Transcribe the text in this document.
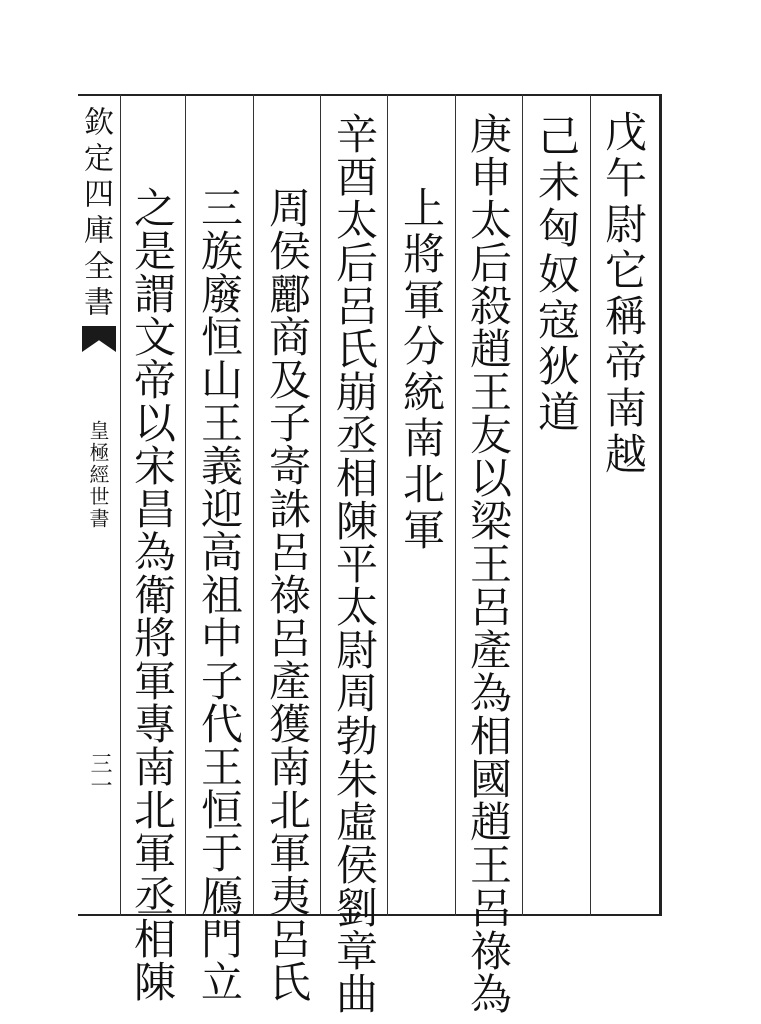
欽定四庫全書
皇極經世書
三一
戊午尉它稱帝南越
己未匈奴寇狄道
庚申太后殺趙王友以梁王呂產為相國趙王呂祿為
上將軍分統南北軍
辛酉太后呂氏崩丞相陳平太尉周勃朱虛侯劉章曲
周侯酈商及子寄誅呂祿呂產獲南北軍夷呂氏
三族廢恒山王義迎高祖中子代王恒于鴈門立
之是謂文帝以宋昌為衛將軍專南北軍丞相陳
